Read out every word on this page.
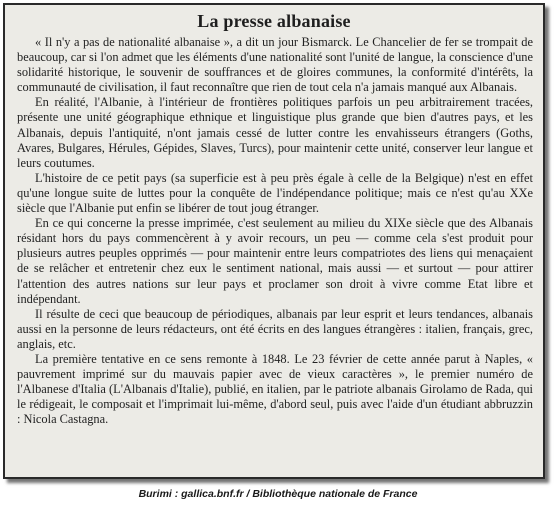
La presse albanaise

« Il n'y a pas de nationalité albanaise », a dit un jour Bismarck. Le Chancelier de fer se trompait de beaucoup, car si l'on admet que les éléments d'une nationalité sont l'unité de langue, la conscience d'une solidarité historique, le souvenir de souffrances et de gloires communes, la conformité d'intérêts, la communauté de civilisation, il faut reconnaître que rien de tout cela n'a jamais manqué aux Albanais.

En réalité, l'Albanie, à l'intérieur de frontières politiques parfois un peu arbitrairement tracées, présente une unité géographique ethnique et linguistique plus grande que bien d'autres pays, et les Albanais, depuis l'antiquité, n'ont jamais cessé de lutter contre les envahisseurs étrangers (Goths, Avares, Bulgares, Hérules, Gépides, Slaves, Turcs), pour maintenir cette unité, conserver leur langue et leurs coutumes.

L'histoire de ce petit pays (sa superficie est à peu près égale à celle de la Belgique) n'est en effet qu'une longue suite de luttes pour la conquête de l'indépendance politique; mais ce n'est qu'au XXe siècle que l'Albanie put enfin se libérer de tout joug étranger.

En ce qui concerne la presse imprimée, c'est seulement au milieu du XIXe siècle que des Albanais résidant hors du pays commencèrent à y avoir recours, un peu — comme cela s'est produit pour plusieurs autres peuples opprimés — pour maintenir entre leurs compatriotes des liens qui menaçaient de se relâcher et entretenir chez eux le sentiment national, mais aussi — et surtout — pour attirer l'attention des autres nations sur leur pays et proclamer son droit à vivre comme Etat libre et indépendant.

Il résulte de ceci que beaucoup de périodiques, albanais par leur esprit et leurs tendances, albanais aussi en la personne de leurs rédacteurs, ont été écrits en des langues étrangères : italien, français, grec, anglais, etc.

La première tentative en ce sens remonte à 1848. Le 23 février de cette année parut à Naples, « pauvrement imprimé sur du mauvais papier avec de vieux caractères », le premier numéro de l'Albanese d'Italia (L'Albanais d'Italie), publié, en italien, par le patriote albanais Girolamo de Rada, qui le rédigeait, le composait et l'imprimait lui-même, d'abord seul, puis avec l'aide d'un étudiant abbruzzin : Nicola Castagna.

Burimi : gallica.bnf.fr / Bibliothèque nationale de France
